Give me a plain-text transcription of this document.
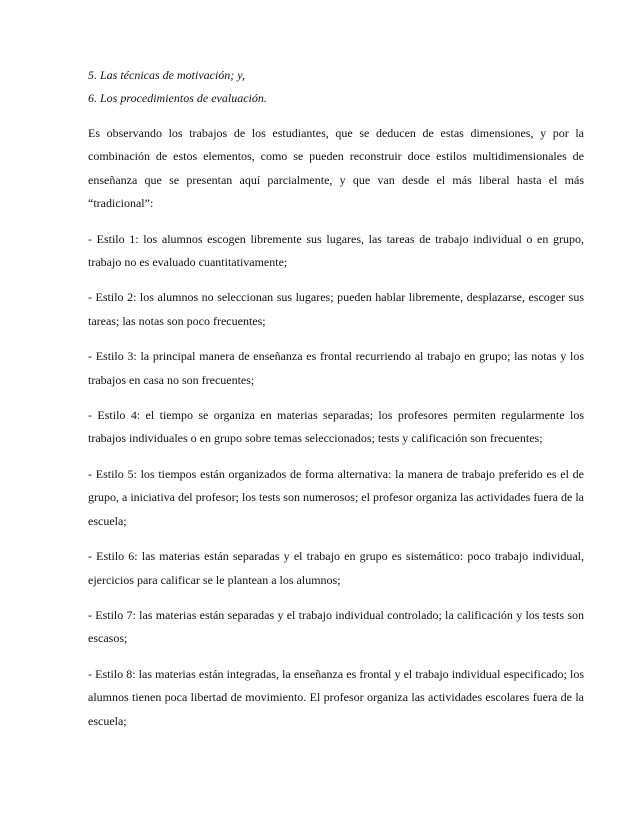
5. Las técnicas de motivación; y,

6. Los procedimientos de evaluación.

Es observando los trabajos de los estudiantes, que se deducen de estas dimensiones, y por la combinación de estos elementos, como se pueden reconstruir doce estilos multidimensionales de enseñanza que se presentan aquí parcialmente, y que van desde el más liberal hasta el más “tradicional”:

- Estilo 1: los alumnos escogen libremente sus lugares, las tareas de trabajo individual o en grupo, trabajo no es evaluado cuantitativamente;

- Estilo 2: los alumnos no seleccionan sus lugares; pueden hablar libremente, desplazarse, escoger sus tareas; las notas son poco frecuentes;

- Estilo 3: la principal manera de enseñanza es frontal recurriendo al trabajo en grupo; las notas y los trabajos en casa no son frecuentes;

- Estilo 4: el tiempo se organiza en materias separadas; los profesores permiten regularmente los trabajos individuales o en grupo sobre temas seleccionados; tests y calificación son frecuentes;

- Estilo 5: los tiempos están organizados de forma alternativa: la manera de trabajo preferido es el de grupo, a iniciativa del profesor; los tests son numerosos; el profesor organiza las actividades fuera de la escuela;

- Estilo 6: las materias están separadas y el trabajo en grupo es sistemático: poco trabajo individual, ejercicios para calificar se le plantean a los alumnos;

- Estilo 7: las materias están separadas y el trabajo individual controlado; la calificación y los tests son escasos;

- Estilo 8: las materias están integradas, la enseñanza es frontal y el trabajo individual especificado; los alumnos tienen poca libertad de movimiento. El profesor organiza las actividades escolares fuera de la escuela;
